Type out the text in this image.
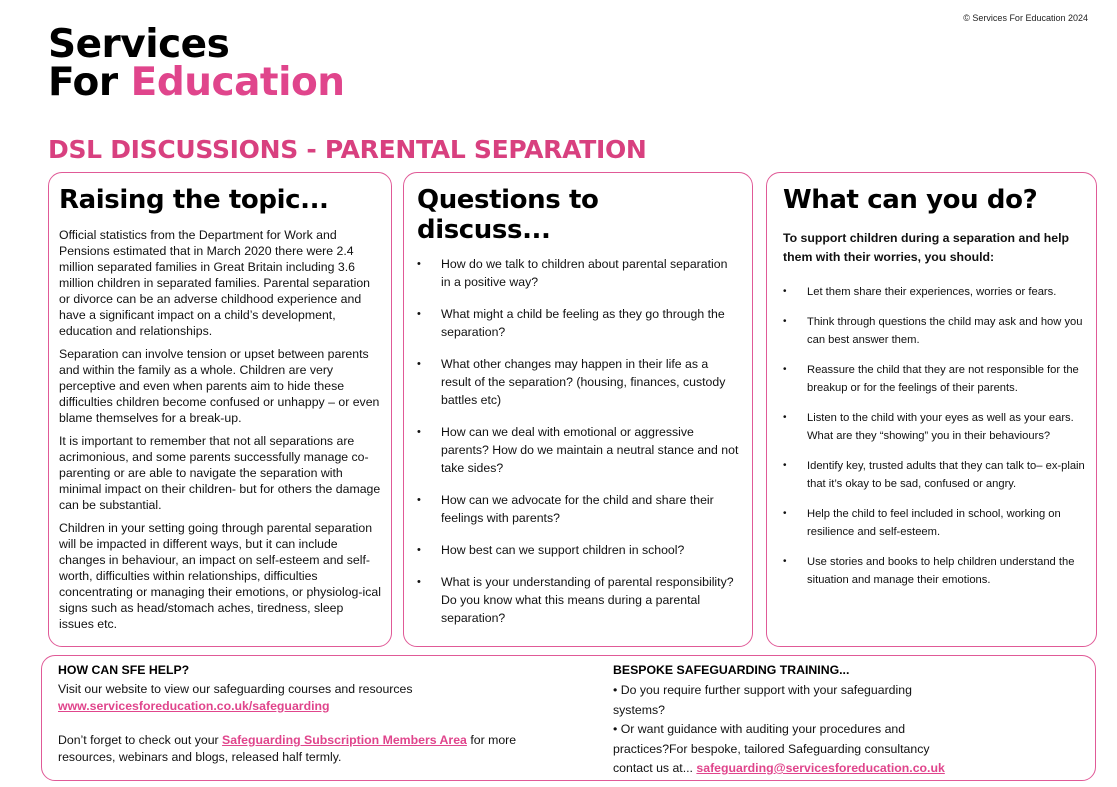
© Services For Education 2024
Services
For Education
DSL DISCUSSIONS - PARENTAL SEPARATION
Raising the topic...

Official statistics from the Department for Work and Pensions estimated that in March 2020 there were 2.4 million separated families in Great Britain including 3.6 million children in separated families. Parental separation or divorce can be an adverse childhood experience and have a significant impact on a child’s development, education and relationships.

Separation can involve tension or upset between parents and within the family as a whole. Children are very perceptive and even when parents aim to hide these difficulties children become confused or unhappy – or even blame themselves for a break-up.

It is important to remember that not all separations are acrimonious, and some parents successfully manage co-parenting or are able to navigate the separation with minimal impact on their children- but for others the damage can be substantial.

Children in your setting going through parental separation will be impacted in different ways, but it can include changes in behaviour, an impact on self-esteem and self-worth, difficulties within relationships, difficulties concentrating or managing their emotions, or physiolog-ical signs such as head/stomach aches, tiredness, sleep issues etc.

Questions to discuss...
• How do we talk to children about parental separation in a positive way?
• What might a child be feeling as they go through the separation?
• What other changes may happen in their life as a result of the separation? (housing, finances, custody battles etc)
• How can we deal with emotional or aggressive parents? How do we maintain a neutral stance and not take sides?
• How can we advocate for the child and share their feelings with parents?
• How best can we support children in school?
• What is your understanding of parental responsibility? Do you know what this means during a parental separation?
What can you do?

To support children during a separation and help them with their worries, you should:

• Let them share their experiences, worries or fears.
• Think through questions the child may ask and how you can best answer them.
• Reassure the child that they are not responsible for the breakup or for the feelings of their parents.
• Listen to the child with your eyes as well as your ears. What are they “showing” you in their behaviours?
• Identify key, trusted adults that they can talk to– ex-plain that it’s okay to be sad, confused or angry.
• Help the child to feel included in school, working on resilience and self-esteem.
• Use stories and books to help children understand the situation and manage their emotions.
HOW CAN SFE HELP?

Visit our website to view our safeguarding courses and resources

www.servicesforeducation.co.uk/safeguarding

Don’t forget to check out your Safeguarding Subscription Members Area for more resources, webinars and blogs, released half termly.

BESPOKE SAFEGUARDING TRAINING...

• Do you require further support with your safeguarding systems?

• Or want guidance with auditing your procedures and practices?For bespoke, tailored Safeguarding consultancy contact us at... safeguarding@servicesforeducation.co.uk
